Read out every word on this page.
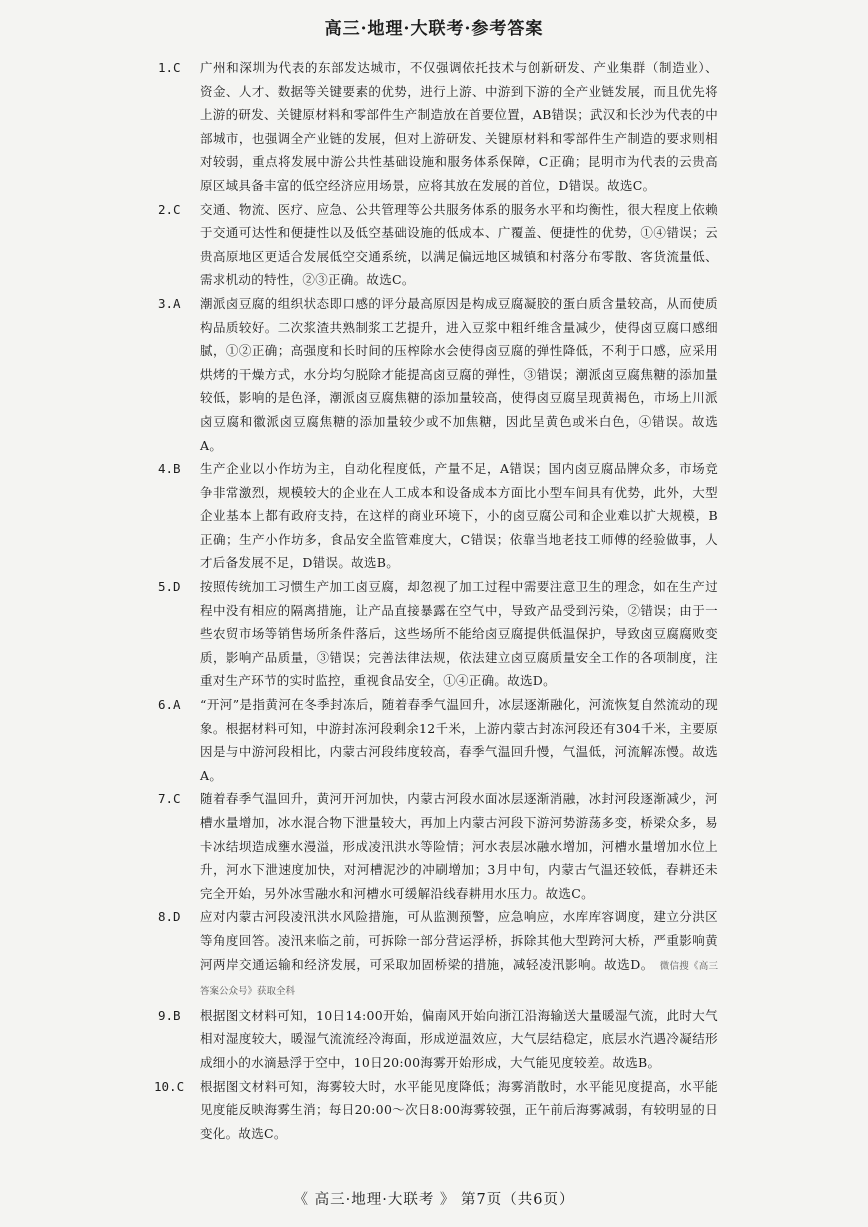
高三·地理·大联考·参考答案
1.C	广州和深圳为代表的东部发达城市，不仅强调依托技术与创新研发、产业集群（制造业）、资金、人才、数据等关键要素的优势，进行上游、中游到下游的全产业链发展，而且优先将上游的研发、关键原材料和零部件生产制造放在首要位置，AB错误；武汉和长沙为代表的中部城市，也强调全产业链的发展，但对上游研发、关键原材料和零部件生产制造的要求则相对较弱，重点将发展中游公共性基础设施和服务体系保障，C正确；昆明市为代表的云贵高原区域具备丰富的低空经济应用场景，应将其放在发展的首位，D错误。故选C。
2.C	交通、物流、医疗、应急、公共管理等公共服务体系的服务水平和均衡性，很大程度上依赖于交通可达性和便捷性以及低空基础设施的低成本、广覆盖、便捷性的优势，①④错误；云贵高原地区更适合发展低空交通系统，以满足偏远地区城镇和村落分布零散、客货流量低、需求机动的特性，②③正确。故选C。
3.A	潮派卤豆腐的组织状态即口感的评分最高原因是构成豆腐凝胶的蛋白质含量较高，从而使质构品质较好。二次浆渣共熟制浆工艺提升，进入豆浆中粗纤维含量减少，使得卤豆腐口感细腻，①②正确；高强度和长时间的压榨除水会使得卤豆腐的弹性降低，不利于口感，应采用烘烤的干燥方式，水分均匀脱除才能提高卤豆腐的弹性，③错误；潮派卤豆腐焦糖的添加量较低，影响的是色泽，潮派卤豆腐焦糖的添加量较高，使得卤豆腐呈现黄褐色，市场上川派卤豆腐和徽派卤豆腐焦糖的添加量较少或不加焦糖，因此呈黄色或米白色，④错误。故选A。
4.B	生产企业以小作坊为主，自动化程度低，产量不足，A错误；国内卤豆腐品牌众多，市场竞争非常激烈，规模较大的企业在人工成本和设备成本方面比小型车间具有优势，此外，大型企业基本上都有政府支持，在这样的商业环境下，小的卤豆腐公司和企业难以扩大规模，B正确；生产小作坊多，食品安全监管难度大，C错误；依靠当地老技工师傅的经验做事，人才后备发展不足，D错误。故选B。
5.D	按照传统加工习惯生产加工卤豆腐，却忽视了加工过程中需要注意卫生的理念，如在生产过程中没有相应的隔离措施，让产品直接暴露在空气中，导致产品受到污染，②错误；由于一些农贸市场等销售场所条件落后，这些场所不能给卤豆腐提供低温保护，导致卤豆腐腐败变质，影响产品质量，③错误；完善法律法规，依法建立卤豆腐质量安全工作的各项制度，注重对生产环节的实时监控，重视食品安全，①④正确。故选D。
6.A	“开河”是指黄河在冬季封冻后，随着春季气温回升，冰层逐渐融化，河流恢复自然流动的现象。根据材料可知，中游封冻河段剩余12千米，上游内蒙古封冻河段还有304千米，主要原因是与中游河段相比，内蒙古河段纬度较高，春季气温回升慢，气温低，河流解冻慢。故选A。
7.C	随着春季气温回升，黄河开河加快，内蒙古河段水面冰层逐渐消融，冰封河段逐渐减少，河槽水量增加，冰水混合物下泄量较大，再加上内蒙古河段下游河势游荡多变，桥梁众多，易卡冰结坝造成壅水漫溢，形成凌汛洪水等险情；河水表层冰融水增加，河槽水量增加水位上升，河水下泄速度加快，对河槽泥沙的冲刷增加；3月中旬，内蒙古气温还较低，春耕还未完全开始，另外冰雪融水和河槽水可缓解沿线春耕用水压力。故选C。
8.D	应对内蒙古河段凌汛洪水风险措施，可从监测预警，应急响应，水库库容调度，建立分洪区等角度回答。凌汛来临之前，可拆除一部分营运浮桥，拆除其他大型跨河大桥，严重影响黄河两岸交通运输和经济发展，可采取加固桥梁的措施，减轻凌汛影响。故选D。 微信搜《高三答案公众号》获取全科
9.B	根据图文材料可知，10日14:00开始，偏南风开始向浙江沿海输送大量暖湿气流，此时大气相对湿度较大，暖湿气流流经冷海面，形成逆温效应，大气层结稳定，底层水汽遇冷凝结形成细小的水滴悬浮于空中，10日20:00海雾开始形成，大气能见度较差。故选B。
10.C	根据图文材料可知，海雾较大时，水平能见度降低；海雾消散时，水平能见度提高，水平能见度能反映海雾生消；每日20:00～次日8:00海雾较强，正午前后海雾减弱，有较明显的日变化。故选C。
《 高三·地理·大联考 》 第7页（共6页）
